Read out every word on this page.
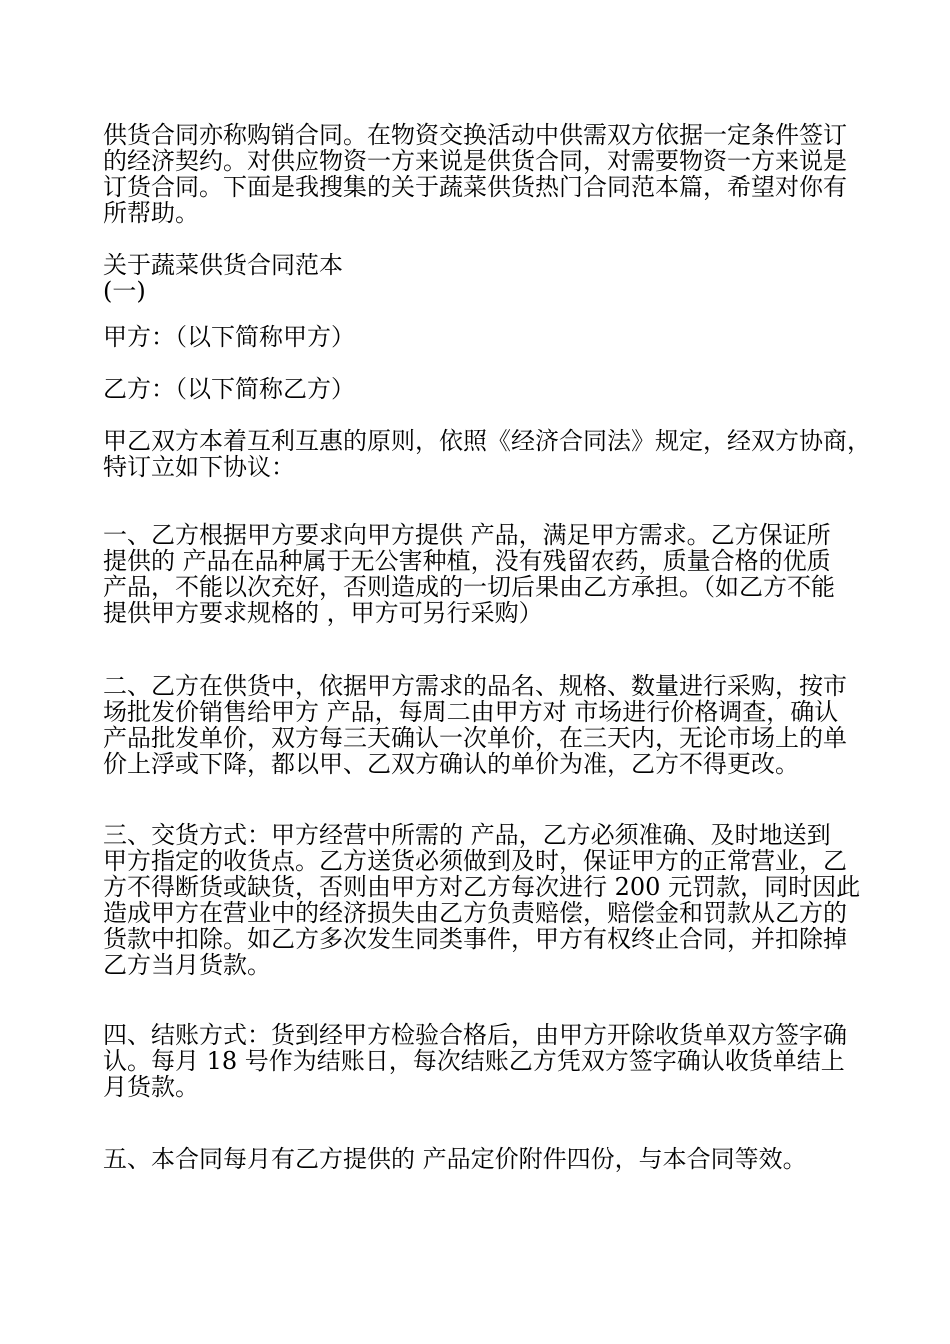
供货合同亦称购销合同。在物资交换活动中供需双方依据一定条件签订
的经济契约。对供应物资一方来说是供货合同，对需要物资一方来说是
订货合同。下面是我搜集的关于蔬菜供货热门合同范本篇，希望对你有
所帮助。
关于蔬菜供货合同范本
(一)
甲方：（以下简称甲方）
乙方：（以下简称乙方）
甲乙双方本着互利互惠的原则，依照《经济合同法》规定，经双方协商，
特订立如下协议：
一、乙方根据甲方要求向甲方提供 产品，满足甲方需求。乙方保证所
提供的 产品在品种属于无公害种植，没有残留农药，质量合格的优质
产品，不能以次充好，否则造成的一切后果由乙方承担。（如乙方不能
提供甲方要求规格的 ，甲方可另行采购）
二、乙方在供货中，依据甲方需求的品名、规格、数量进行采购，按市
场批发价销售给甲方 产品，每周二由甲方对 市场进行价格调查，确认
产品批发单价，双方每三天确认一次单价，在三天内，无论市场上的单
价上浮或下降，都以甲、乙双方确认的单价为准，乙方不得更改。
三、交货方式：甲方经营中所需的 产品，乙方必须准确、及时地送到
甲方指定的收货点。乙方送货必须做到及时，保证甲方的正常营业，乙
方不得断货或缺货，否则由甲方对乙方每次进行 200 元罚款，同时因此
造成甲方在营业中的经济损失由乙方负责赔偿，赔偿金和罚款从乙方的
货款中扣除。如乙方多次发生同类事件，甲方有权终止合同，并扣除掉
乙方当月货款。
四、结账方式：货到经甲方检验合格后，由甲方开除收货单双方签字确
认。每月 18 号作为结账日，每次结账乙方凭双方签字确认收货单结上
月货款。
五、本合同每月有乙方提供的 产品定价附件四份，与本合同等效。
